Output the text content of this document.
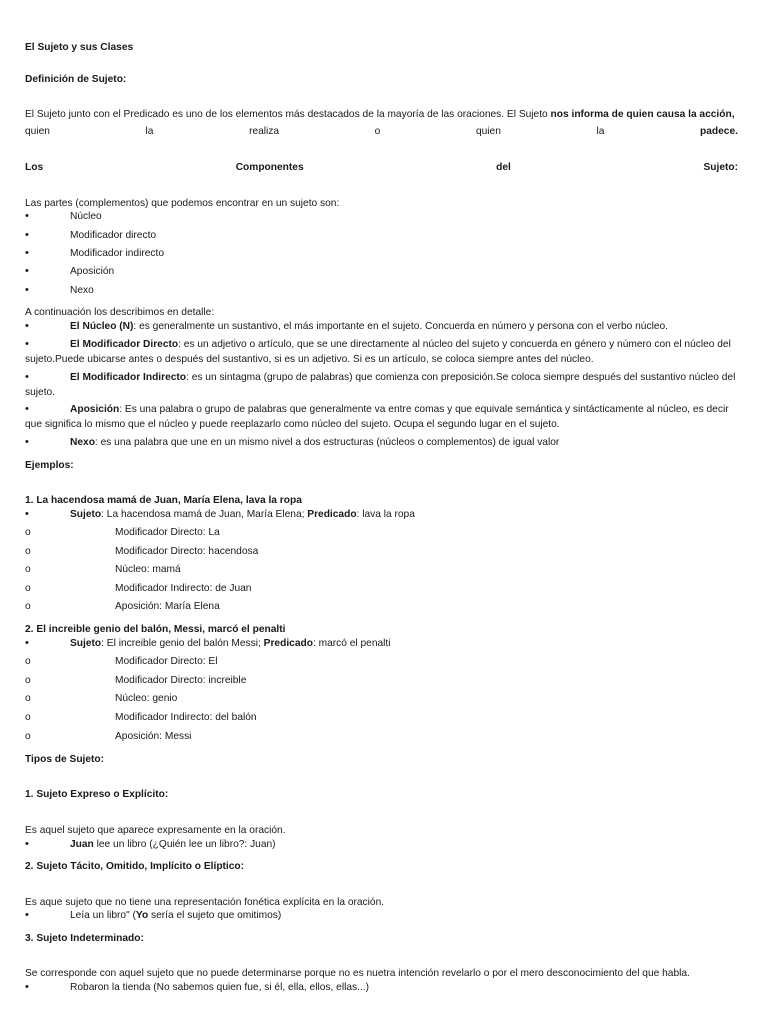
El Sujeto y sus Clases
Definición de Sujeto:
El Sujeto junto con el Predicado es uno de los elementos más destacados de la mayoría de las oraciones. El Sujeto nos informa de quien causa la acción,
quien	la	realiza	o	quien	la	padece.
Los	Componentes	del	Sujeto:
Las partes (complementos) que podemos encontrar en un sujeto son:
•	Núcleo
•	Modificador directo
•	Modificador indirecto
•	Aposición
•	Nexo
A continuación los describimos en detalle:
•	El Núcleo (N): es generalmente un sustantivo, el más importante en el sujeto. Concuerda en número y persona con el verbo núcleo.
•	El Modificador Directo: es un adjetivo o artículo, que se une directamente al núcleo del sujeto y concuerda en género y número con el núcleo del
sujeto.Puede ubicarse antes o después del sustantivo, si es un adjetivo. Si es un artículo, se coloca siempre antes del núcleo.
•	El Modificador Indirecto: es un sintagma (grupo de palabras) que comienza con preposición.Se coloca siempre después del sustantivo núcleo del
sujeto.
•	Aposición: Es una palabra o grupo de palabras que generalmente va entre comas y que equivale semántica y sintácticamente al núcleo, es decir
que significa lo mismo que el núcleo y puede reeplazarlo como núcleo del sujeto. Ocupa el segundo lugar en el sujeto.
•	Nexo: es una palabra que une en un mismo nivel a dos estructuras (núcleos o complementos) de igual valor
Ejemplos:
1. La hacendosa mamá de Juan, María Elena, lava la ropa
•	Sujeto: La hacendosa mamá de Juan, María Elena; Predicado: lava la ropa
o	Modificador Directo: La
o	Modificador Directo: hacendosa
o	Núcleo: mamá
o	Modificador Indirecto: de Juan
o	Aposición: María Elena
2. El increible genio del balón, Messi, marcó el penalti
•	Sujeto: El increible genio del balón Messi; Predicado: marcó el penalti
o	Modificador Directo: El
o	Modificador Directo: increible
o	Núcleo: genio
o	Modificador Indirecto: del balón
o	Aposición: Messi
Tipos de Sujeto:
1. Sujeto Expreso o Explícito:
Es aquel sujeto que aparece expresamente en la oración.
•	Juan lee un libro (¿Quién lee un libro?: Juan)
2. Sujeto Tácito, Omitido, Implícito o Elíptico:
Es aque sujeto que no tiene una representación fonética explícita en la oración.
•	Leía un libro" (Yo sería el sujeto que omitimos)
3. Sujeto Indeterminado:
Se corresponde con aquel sujeto que no puede determinarse porque no es nuetra intención revelarlo o por el mero desconocimiento del que habla.
•	Robaron la tienda (No sabemos quien fue, si él, ella, ellos, ellas...)
